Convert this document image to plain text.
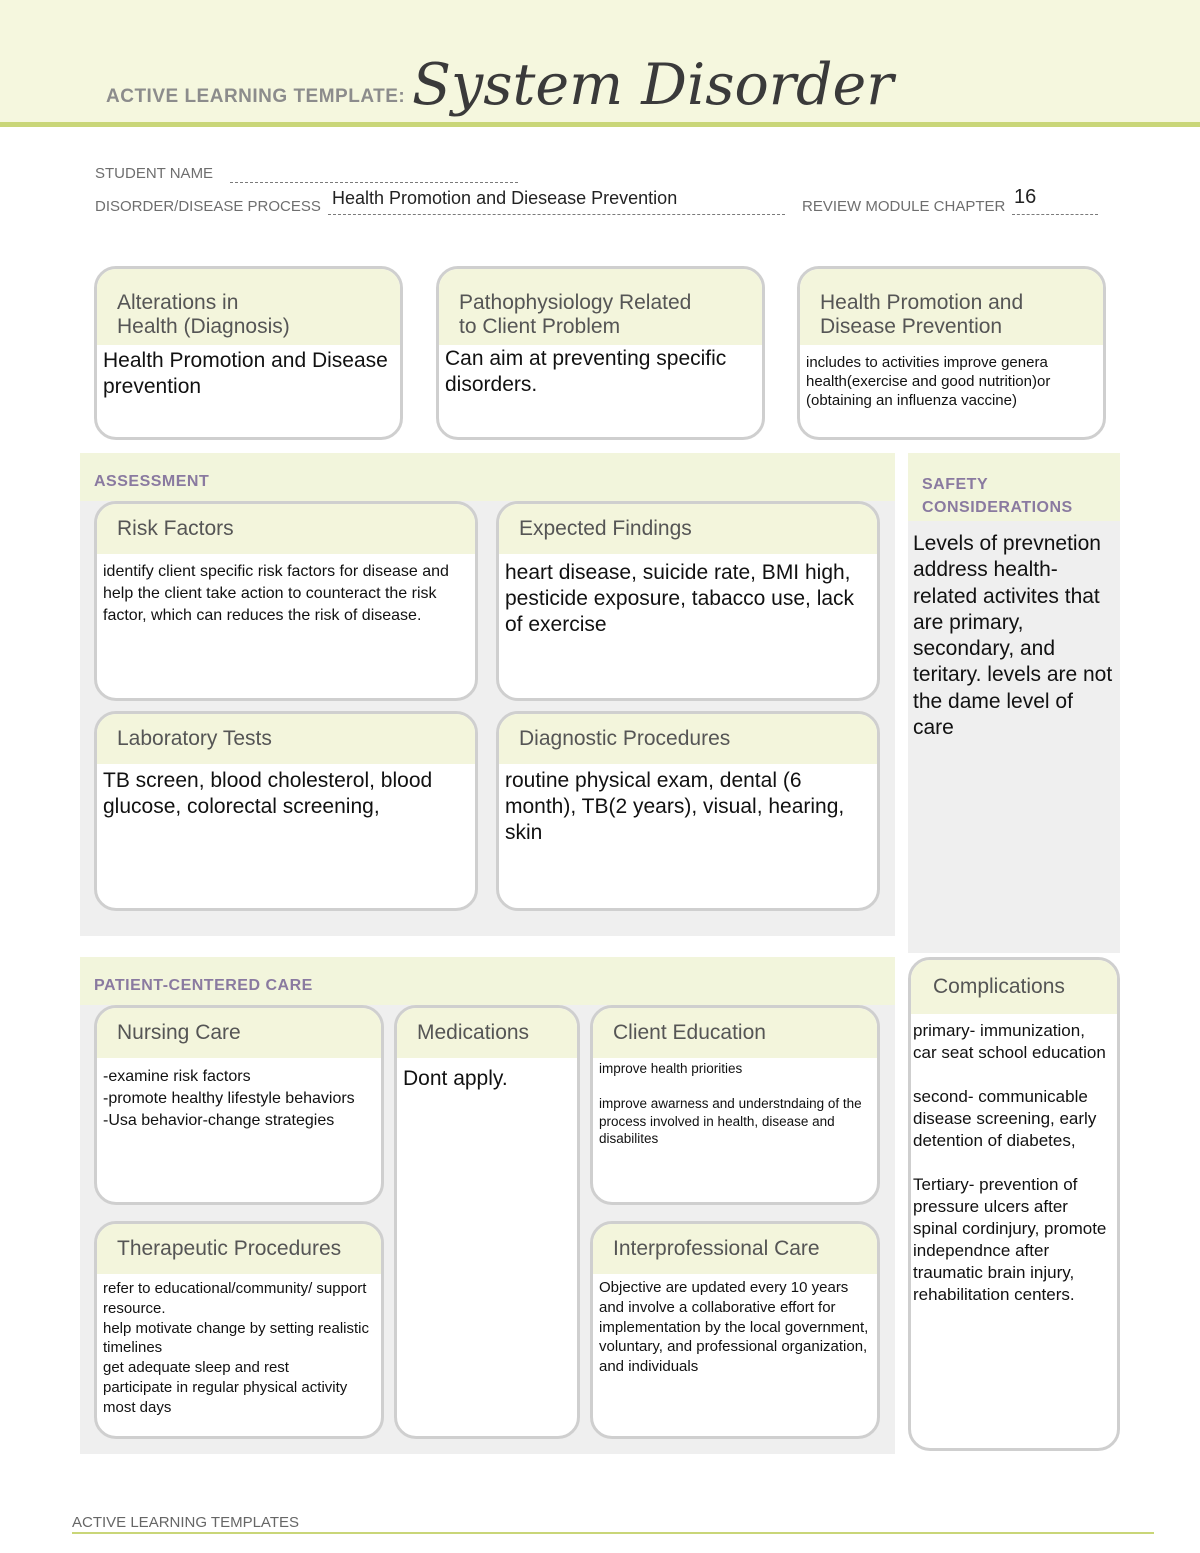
ACTIVE LEARNING TEMPLATE: System Disorder
STUDENT NAME
DISORDER/DISEASE PROCESS Health Promotion and Diesease Prevention	REVIEW MODULE CHAPTER 16
Alterations in
Health (Diagnosis)
Health Promotion and Disease prevention
Pathophysiology Related
to Client Problem
Can aim at preventing specific disorders.
Health Promotion and
Disease Prevention
includes to activities improve genera health(exercise and good nutrition)or (obtaining an influenza vaccine)
ASSESSMENT
Risk Factors
identify client specific risk factors for disease and help the client take action to counteract the risk factor, which can reduces the risk of disease.
Expected Findings
heart disease, suicide rate, BMI high, pesticide exposure, tabacco use, lack of exercise
Laboratory Tests
TB screen, blood cholesterol, blood glucose, colorectal screening,
Diagnostic Procedures
routine physical exam, dental (6 month), TB(2 years), visual, hearing, skin
SAFETY
CONSIDERATIONS
Levels of prevnetion address health-related activites that are primary, secondary, and teritary. levels are not the dame level of care
PATIENT-CENTERED CARE
Nursing Care
-examine risk factors
-promote healthy lifestyle behaviors
-Usa behavior-change strategies
Medications
Dont apply.
Client Education
improve health priorities
improve awarness and understndaing of the process involved in health, disease and disabilites
Therapeutic Procedures
refer to educational/community/ support resource.
help motivate change by setting realistic timelines
get adequate sleep and rest
participate in regular physical activity most days
Interprofessional Care
Objective are updated every 10 years and involve a collaborative effort for implementation by the local government, voluntary, and professional organization, and individuals
Complications
primary- immunization, car seat school education

second- communicable disease screening, early detention of diabetes,

Tertiary- prevention of pressure ulcers after spinal cordinjury, promote independnce after traumatic brain injury, rehabilitation centers.
ACTIVE LEARNING TEMPLATES
